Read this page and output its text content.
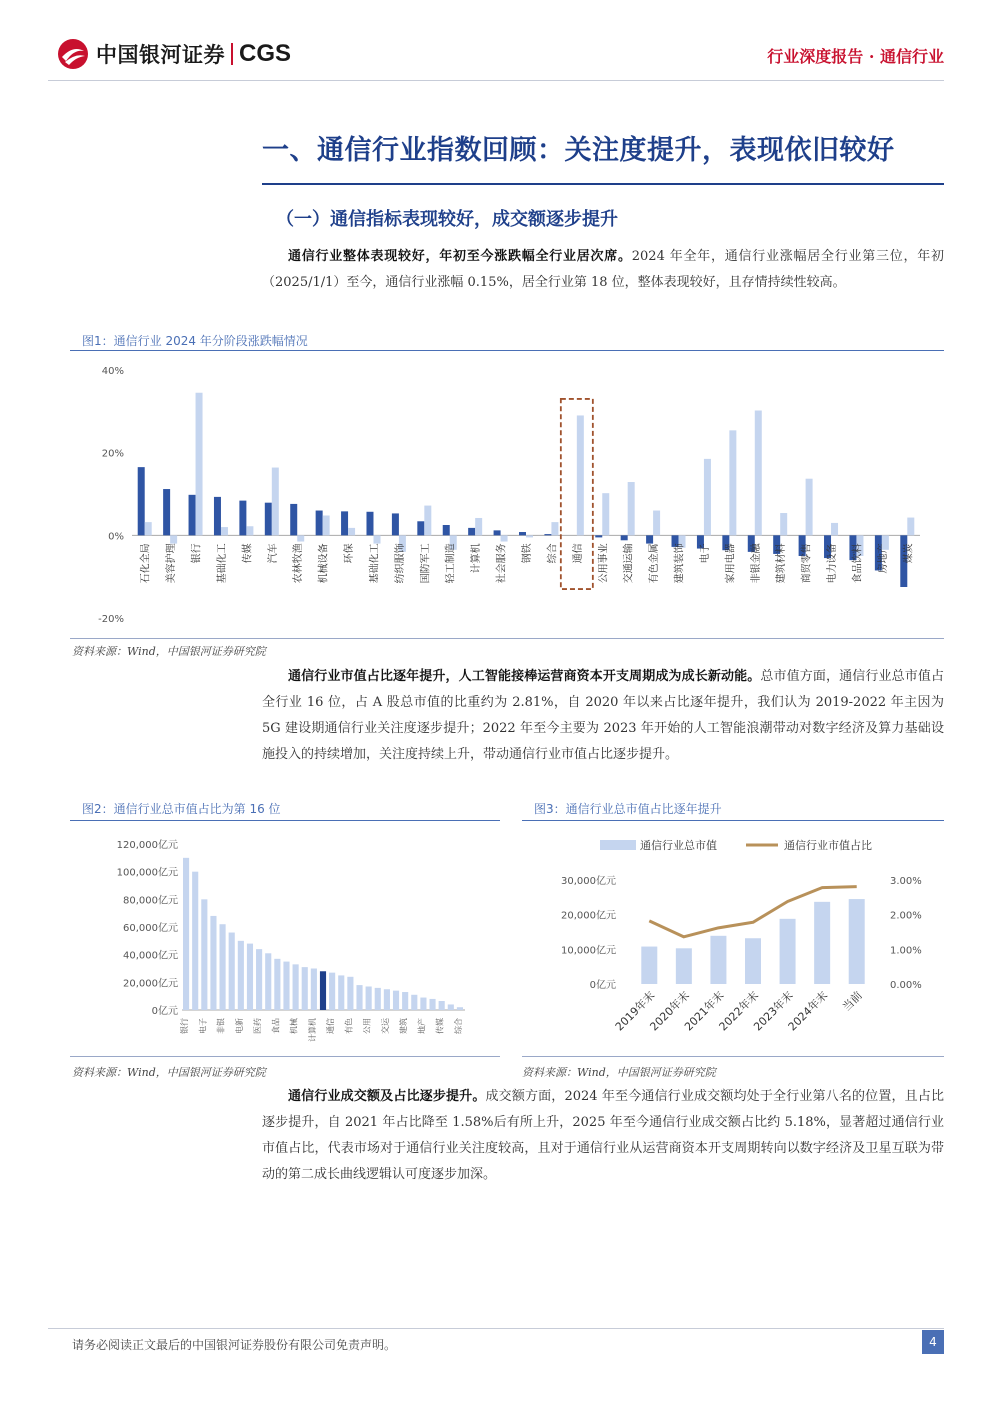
中国银河证券 CGS	行业深度报告 · 通信行业
一、通信行业指数回顾：关注度提升，表现依旧较好
（一）通信指标表现较好，成交额逐步提升
通信行业整体表现较好，年初至今涨跌幅全行业居次席。2024 年全年，通信行业涨幅居全行业第三位，年初（2025/1/1）至今，通信行业涨幅 0.15%，居全行业第 18 位，整体表现较好，且存情持续性较高。
图1：通信行业 2024 年分阶段涨跌幅情况
40%
20%
0%
-20%
石化全局 美容护理 银行 基础化工 传媒 汽车 农林牧渔 机械设备 环保 基础化工 纺织服饰 国防军工 轻工制造 计算机 社会服务 钢铁 综合 通信 公用事业 交通运输 有色金属 建筑装饰 电子 家用电器 非银金融 建筑材料 商贸零售 电力设备 食品饮料 房地产 煤炭
资料来源：Wind，中国银河证券研究院
通信行业市值占比逐年提升，人工智能接棒运营商资本开支周期成为成长新动能。总市值方面，通信行业总市值占全行业 16 位，占 A 股总市值的比重约为 2.81%，自 2020 年以来占比逐年提升，我们认为 2019-2022 年主因为 5G 建设期通信行业关注度逐步提升；2022 年至今主要为 2023 年开始的人工智能浪潮带动对数字经济及算力基础设施投入的持续增加，关注度持续上升，带动通信行业市值占比逐步提升。
图2：通信行业总市值占比为第 16 位
120,000亿元
100,000亿元
80,000亿元
60,000亿元
40,000亿元
20,000亿元
0亿元
银行 电子 非银 电新 医药 食品 机械 计算机 通信 有色 公用 交运 建筑 地产 传媒 综合
资料来源：Wind，中国银河证券研究院
图3：通信行业总市值占比逐年提升
通信行业总市值	通信行业市值占比
30,000亿元
20,000亿元
10,000亿元
0亿元
3.00%
2.00%
1.00%
0.00%
2019年末
2020年末
2021年末
2022年末
2023年末
2024年末 当前
资料来源：Wind，中国银河证券研究院
通信行业成交额及占比逐步提升。成交额方面，2024 年至今通信行业成交额均处于全行业第八名的位置，且占比逐步提升，自 2021 年占比降至 1.58%后有所上升，2025 年至今通信行业成交额占比约 5.18%，显著超过通信行业市值占比，代表市场对于通信行业关注度较高，且对于通信行业从运营商资本开支周期转向以数字经济及卫星互联为带动的第二成长曲线逻辑认可度逐步加深。
请务必阅读正文最后的中国银河证券股份有限公司免责声明。	4
